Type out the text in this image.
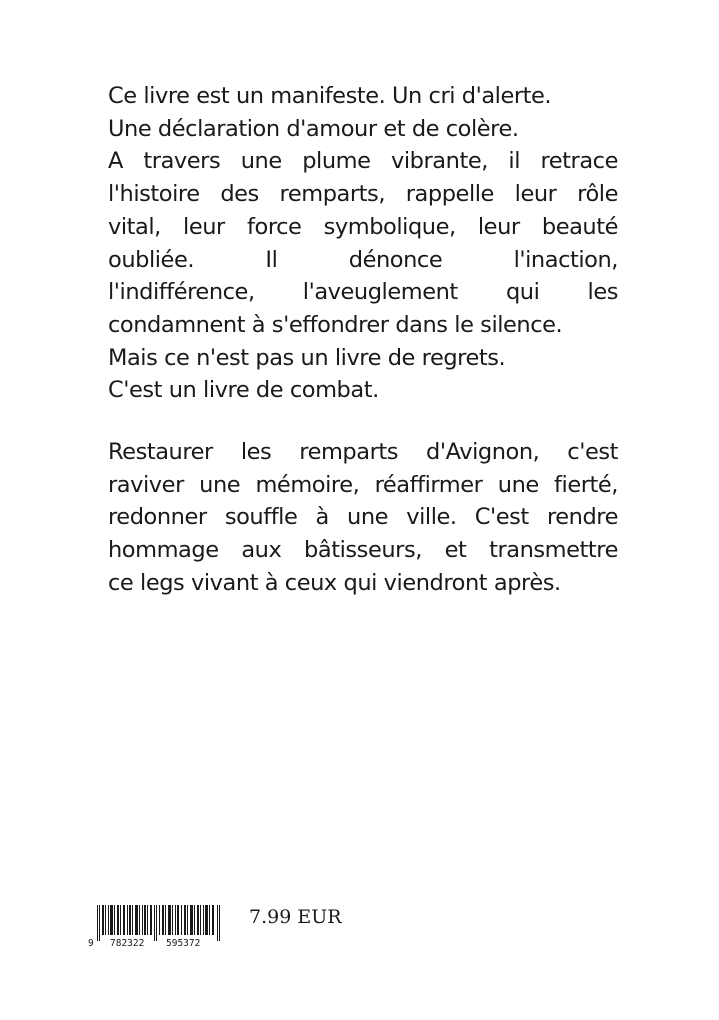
Ce livre est un manifeste. Un cri d'alerte.
Une déclaration d'amour et de colère.
A travers une plume vibrante, il retrace
l'histoire des remparts, rappelle leur rôle
vital, leur force symbolique, leur beauté
oubliée. Il dénonce l'inaction,
l'indifférence, l'aveuglement qui les
condamnent à s'effondrer dans le silence.
Mais ce n'est pas un livre de regrets.
C'est un livre de combat.

Restaurer les remparts d'Avignon, c'est
raviver une mémoire, réaffirmer une fierté,
redonner souffle à une ville. C'est rendre
hommage aux bâtisseurs, et transmettre
ce legs vivant à ceux qui viendront après.

9 782322 595372
7.99 EUR
